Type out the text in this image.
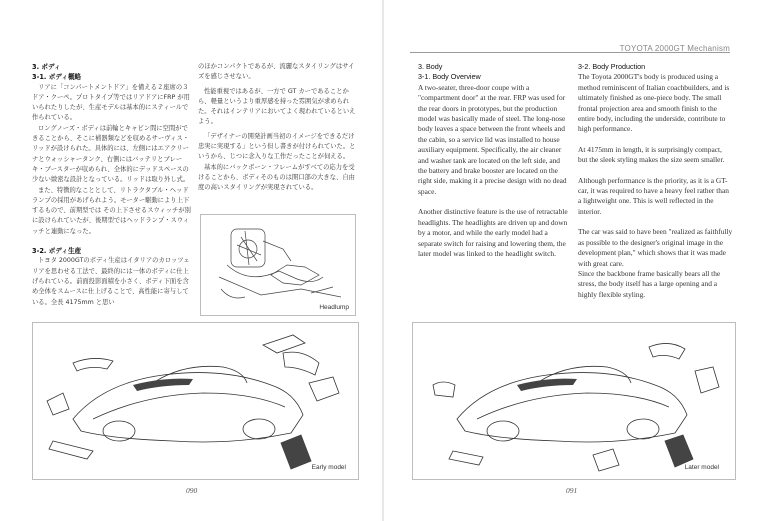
TOYOTA 2000GT Mechanism
3. ボディ
3-1. ボディ概略

リアに「コンパートメントドア」を備える２座席の３ドア・クーペ。プロトタイプ等ではリアドアにFRP が用いられたりしたが、生産モデルは基本的にスティールで作られている。

ロングノーズ・ボディは前輪とキャビン間に空間ができることから、そこに補器類などを収めるサーヴィス・リッドが設けられた。具体的には、左側にはエアクリーナとウォッシャータンク、右側にはバッテリとブレーキ・ブースターが収められ、全体的にデッドスペースの少ない緻密な設計となっている。リッドは取り外し式。

また、特徴的なこととして、リトラクタブル・ヘッドランプの採用があげられよう。モーター駆動により上下するもので、前期型では その上下させるスウィッチが別に設けられていたが、後期型ではヘッドランプ・スウィッチと連動になった。

3-2. ボディ生産

トヨタ 2000GTのボディ生産はイタリアのカロッツェリアを思わせる工法で、最終的には一体のボディに仕上げられている。前面投影面積を小さく、ボディ下面を含め全体をスムースに仕上げることで、高性能に寄与している。全長 4175mm と思い

のほかコンパクトであるが、流麗なスタイリングはサイズを感じさせない。

性能重視ではあるが、一方で GT カーであることから、軽量というより重厚感を持った雰囲気が求められた。それはインテリアにおいてよく現われているといえよう。

「デザイナーの開発計画当初のイメージをできるだけ忠実に実現する」という但し書きが付けられていた。というから、じつに念入りな工作だったことが伺える。

基本的にバックボーン・フレームがすべての応力を受けることから、ボディそのものは開口部の大きな、自由度の高いスタイリングが実現されている。

Headlump
Early model
090
3. Body
3-1. Body Overview

A two-seater, three-door coupe with a "compartment door" at the rear. FRP was used for the rear doors in prototypes, but the production model was basically made of steel. The long-nose body leaves a space between the front wheels and the cabin, so a service lid was installed to house auxiliary equipment. Specifically, the air cleaner and washer tank are located on the left side, and the battery and brake booster are located on the right side, making it a precise design with no dead space.

Another distinctive feature is the use of retractable headlights. The headlights are driven up and down by a motor, and while the early model had a separate switch for raising and lowering them, the later model was linked to the headlight switch.

3-2. Body Production

The Toyota 2000GT's body is produced using a method reminiscent of Italian coachbuilders, and is ultimately finished as one-piece body. The small frontal projection area and smooth finish to the entire body, including the underside, contribute to high performance.

At 4175mm in length, it is surprisingly compact, but the sleek styling makes the size seem smaller.

Although performance is the priority, as it is a GT-car, it was required to have a heavy feel rather than a lightweight one. This is well reflected in the interior.

The car was said to have been "realized as faithfully as possible to the designer's original image in the development plan," which shows that it was made with great care.

Since the backbone frame basically bears all the stress, the body itself has a large opening and a highly flexible styling.

Later model
091
